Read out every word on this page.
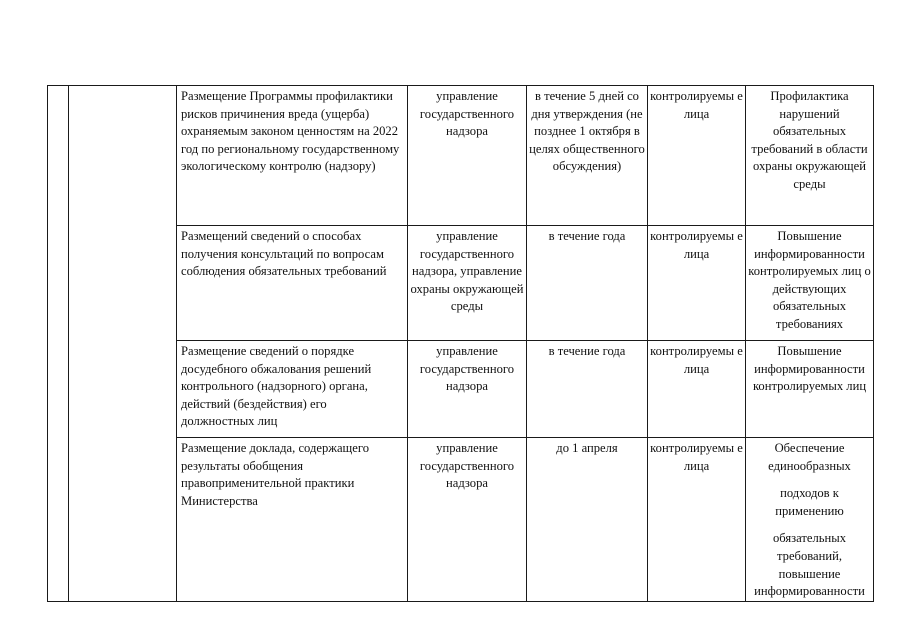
		Размещение Программы профилактики рисков причинения вреда (ущерба) охраняемым законом ценностям на 2022 год по региональному государственному экологическому контролю (надзору)	управление государственного надзора	в течение 5 дней со дня утверждения (не позднее 1 октября в целях общественного обсуждения)	контролируемы е лица	Профилактика нарушений обязательных требований в области охраны окружающей среды

		Размещений сведений о способах получения консультаций по вопросам соблюдения обязательных требований	управление государственного надзора, управление охраны окружающей среды	в течение года	контролируемы е лица	Повышение информированности контролируемых лиц о действующих обязательных требованиях

		Размещение сведений о порядке досудебного обжалования решений контрольного (надзорного) органа, действий (бездействия) его должностных лиц	управление государственного надзора	в течение года	контролируемы е лица	Повышение информированности контролируемых лиц

		Размещение доклада, содержащего результаты обобщения правоприменительной практики Министерства	управление государственного надзора	до 1 апреля	контролируемы е лица	Обеспечение единообразных
подходов к применению
обязательных требований, повышение информированности
